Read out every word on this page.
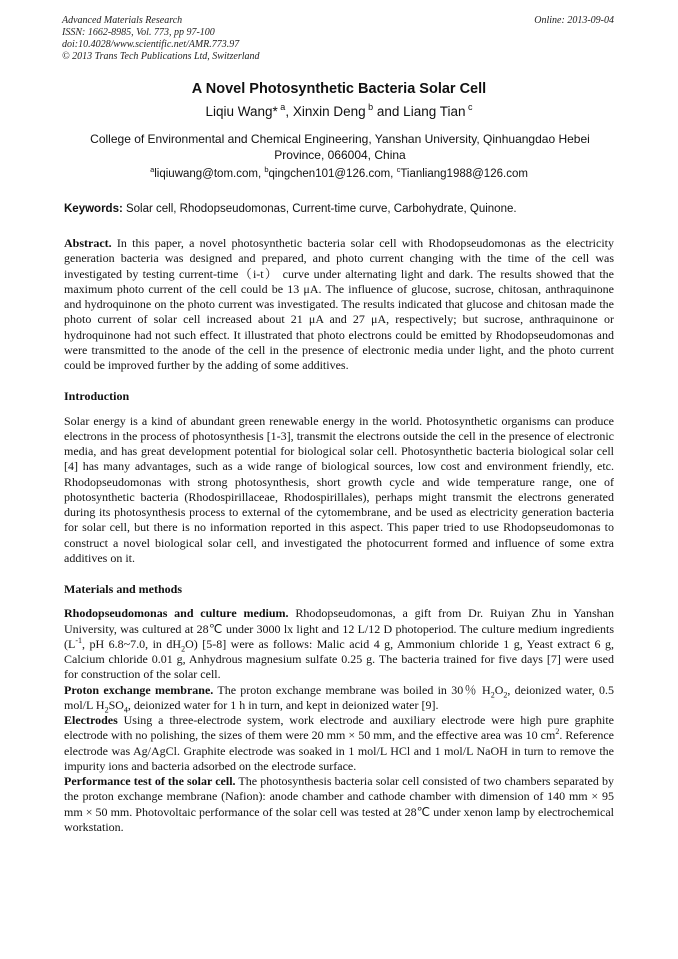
Advanced Materials Research
ISSN: 1662-8985, Vol. 773, pp 97-100
doi:10.4028/www.scientific.net/AMR.773.97
© 2013 Trans Tech Publications Ltd, Switzerland
Online: 2013-09-04
A Novel Photosynthetic Bacteria Solar Cell
Liqiu Wang* $^a$, Xinxin Deng $^b$ and Liang Tian $^c$
College of Environmental and Chemical Engineering, Yanshan University, Qinhuangdao Hebei Province, 066004, China
$^a$liqiuwang@tom.com, $^b$qingchen101@126.com, $^c$Tianliang1988@126.com
Keywords: Solar cell, Rhodopseudomonas, Current-time curve, Carbohydrate, Quinone.

Abstract. In this paper, a novel photosynthetic bacteria solar cell with Rhodopseudomonas as the electricity generation bacteria was designed and prepared, and photo current changing with the time of the cell was investigated by testing current-time（i-t） curve under alternating light and dark. The results showed that the maximum photo current of the cell could be 13 μA. The influence of glucose, sucrose, chitosan, anthraquinone and hydroquinone on the photo current was investigated. The results indicated that glucose and chitosan made the photo current of solar cell increased about 21 μA and 27 μA, respectively; but sucrose, anthraquinone or hydroquinone had not such effect. It illustrated that photo electrons could be emitted by Rhodopseudomonas and were transmitted to the anode of the cell in the presence of electronic media under light, and the photo current could be improved further by the adding of some additives.

Introduction

Solar energy is a kind of abundant green renewable energy in the world. Photosynthetic organisms can produce electrons in the process of photosynthesis [1-3], transmit the electrons outside the cell in the presence of electronic media, and has great development potential for biological solar cell. Photosynthetic bacteria biological solar cell [4] has many advantages, such as a wide range of biological sources, low cost and environment friendly, etc. Rhodopseudomonas with strong photosynthesis, short growth cycle and wide temperature range, one of photosynthetic bacteria (Rhodospirillaceae, Rhodospirillales), perhaps might transmit the electrons generated during its photosynthesis process to external of the cytomembrane, and be used as electricity generation bacteria for solar cell, but there is no information reported in this aspect. This paper tried to use Rhodopseudomonas to construct a novel biological solar cell, and investigated the photocurrent formed and influence of some extra additives on it.

Materials and methods

Rhodopseudomonas and culture medium. Rhodopseudomonas, a gift from Dr. Ruiyan Zhu in Yanshan University, was cultured at 28℃ under 3000 lx light and 12 L/12 D photoperiod. The culture medium ingredients ($L^{-1}$, pH 6.8~7.0, in $dH_2O$) [5-8] were as follows: Malic acid 4 g, Ammonium chloride 1 g, Yeast extract 6 g, Calcium chloride 0.01 g, Anhydrous magnesium sulfate 0.25 g. The bacteria trained for five days [7] were used for construction of the solar cell.

Proton exchange membrane. The proton exchange membrane was boiled in 30％ $H_2O_2$, deionized water, 0.5 mol/L $H_2SO_4$, deionized water for 1 h in turn, and kept in deionized water [9].

Electrodes Using a three-electrode system, work electrode and auxiliary electrode were high pure graphite electrode with no polishing, the sizes of them were 20 mm × 50 mm, and the effective area was 10 $cm^2$. Reference electrode was Ag/AgCl. Graphite electrode was soaked in 1 mol/L HCl and 1 mol/L NaOH in turn to remove the impurity ions and bacteria adsorbed on the electrode surface.

Performance test of the solar cell. The photosynthesis bacteria solar cell consisted of two chambers separated by the proton exchange membrane (Nafion): anode chamber and cathode chamber with dimension of 140 mm × 95 mm × 50 mm. Photovoltaic performance of the solar cell was tested at 28℃ under xenon lamp by electrochemical workstation.
